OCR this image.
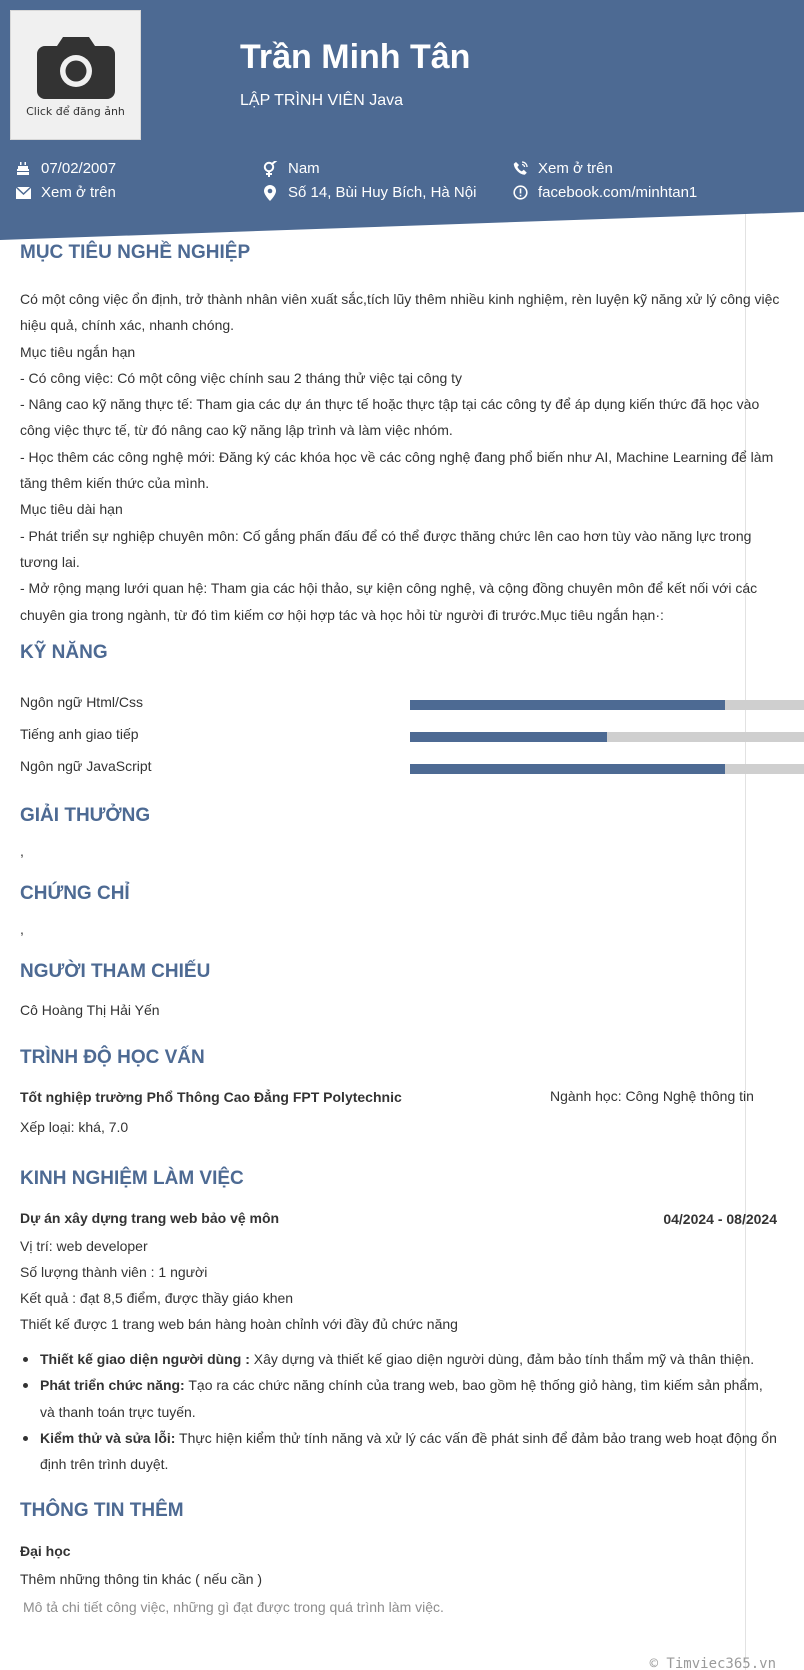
Click để đăng ảnh
Trần Minh Tân
LẬP TRÌNH VIÊN Java
07/02/2007
Xem ở trên
Nam
Số 14, Bùi Huy Bích, Hà Nội
Xem ở trên
facebook.com/minhtan1
MỤC TIÊU NGHỀ NGHIỆP

Có một công việc ổn định, trở thành nhân viên xuất sắc,tích lũy thêm nhiều kinh nghiệm, rèn luyện kỹ năng xử lý công việc hiệu quả, chính xác, nhanh chóng.

Mục tiêu ngắn hạn

- Có công việc: Có một công việc chính sau 2 tháng thử việc tại công ty

- Nâng cao kỹ năng thực tế: Tham gia các dự án thực tế hoặc thực tập tại các công ty để áp dụng kiến thức đã học vào công việc thực tế, từ đó nâng cao kỹ năng lập trình và làm việc nhóm.

- Học thêm các công nghệ mới: Đăng ký các khóa học về các công nghệ đang phổ biến như AI, Machine Learning để làm tăng thêm kiến thức của mình.

Mục tiêu dài hạn

- Phát triển sự nghiệp chuyên môn: Cố gắng phấn đấu để có thể được thăng chức lên cao hơn tùy vào năng lực trong tương lai.

- Mở rộng mạng lưới quan hệ: Tham gia các hội thảo, sự kiện công nghệ, và cộng đồng chuyên môn để kết nối với các chuyên gia trong ngành, từ đó tìm kiếm cơ hội hợp tác và học hỏi từ người đi trước.Mục tiêu ngắn hạn·:

KỸ NĂNG
Ngôn ngữ Html/Css
Tiếng anh giao tiếp
Ngôn ngữ JavaScript
GIẢI THƯỞNG
,
CHỨNG CHỈ
,
NGƯỜI THAM CHIẾU
Cô Hoàng Thị Hải Yến
TRÌNH ĐỘ HỌC VẤN
Tốt nghiệp trường Phổ Thông Cao Đẳng FPT Polytechnic	Ngành học: Công Nghệ thông tin
Xếp loại: khá, 7.0
KINH NGHIỆM LÀM VIỆC
Dự án xây dựng trang web bảo vệ môn	04/2024 - 08/2024
Vị trí: web developer
Số lượng thành viên : 1 người
Kết quả : đạt 8,5 điểm, được thầy giáo khen
Thiết kế được 1 trang web bán hàng hoàn chỉnh với đầy đủ chức năng
Thiết kế giao diện người dùng : Xây dựng và thiết kế giao diện người dùng, đảm bảo tính thẩm mỹ và thân thiện.
Phát triển chức năng: Tạo ra các chức năng chính của trang web, bao gồm hệ thống giỏ hàng, tìm kiếm sản phẩm, và thanh toán trực tuyến.
Kiểm thử và sửa lỗi: Thực hiện kiểm thử tính năng và xử lý các vấn đề phát sinh để đảm bảo trang web hoạt động ổn định trên trình duyệt.
THÔNG TIN THÊM
Đại học
Thêm những thông tin khác ( nếu cần )
Mô tả chi tiết công việc, những gì đạt được trong quá trình làm việc.
© Timviec365.vn
